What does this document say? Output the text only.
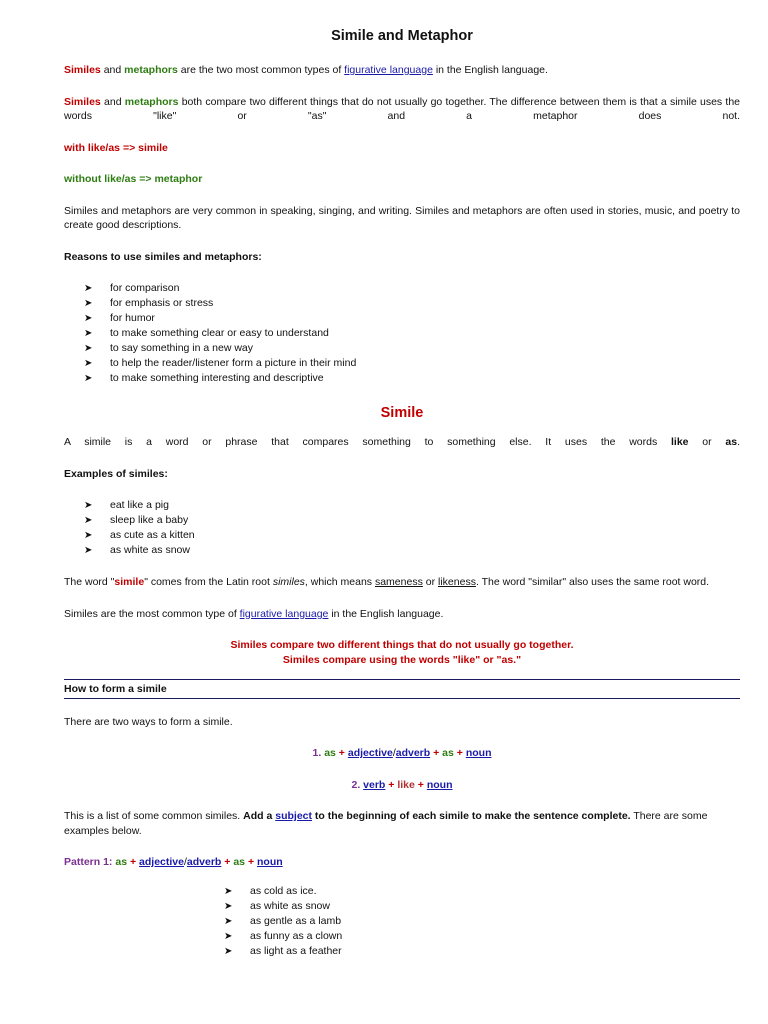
Simile and Metaphor

Similes and metaphors are the two most common types of figurative language in the English language.

Similes and metaphors both compare two different things that do not usually go together. The difference between them is that a simile uses the words "like" or "as" and a metaphor does not.

with like/as => simile

without like/as => metaphor

Similes and metaphors are very common in speaking, singing, and writing. Similes and metaphors are often used in stories, music, and poetry to create good descriptions.

Reasons to use similes and metaphors:

➤ for comparison
➤ for emphasis or stress
➤ for humor
➤ to make something clear or easy to understand
➤ to say something in a new way
➤ to help the reader/listener form a picture in their mind
➤ to make something interesting and descriptive
Simile

A simile is a word or phrase that compares something to something else. It uses the words like or as.

Examples of similes:

➤ eat like a pig
➤ sleep like a baby
➤ as cute as a kitten
➤ as white as snow

The word "simile" comes from the Latin root similes, which means sameness or likeness. The word "similar" also uses the same root word.

Similes are the most common type of figurative language in the English language.

Similes compare two different things that do not usually go together.
Similes compare using the words "like" or "as."

How to form a simile

There are two ways to form a simile.

1. as + adjective/adverb + as + noun

2. verb + like + noun

This is a list of some common similes. Add a subject to the beginning of each simile to make the sentence complete. There are some examples below.

Pattern 1: as + adjective/adverb + as + noun

➤ as cold as ice.
➤ as white as snow
➤ as gentle as a lamb
➤ as funny as a clown
➤ as light as a feather
